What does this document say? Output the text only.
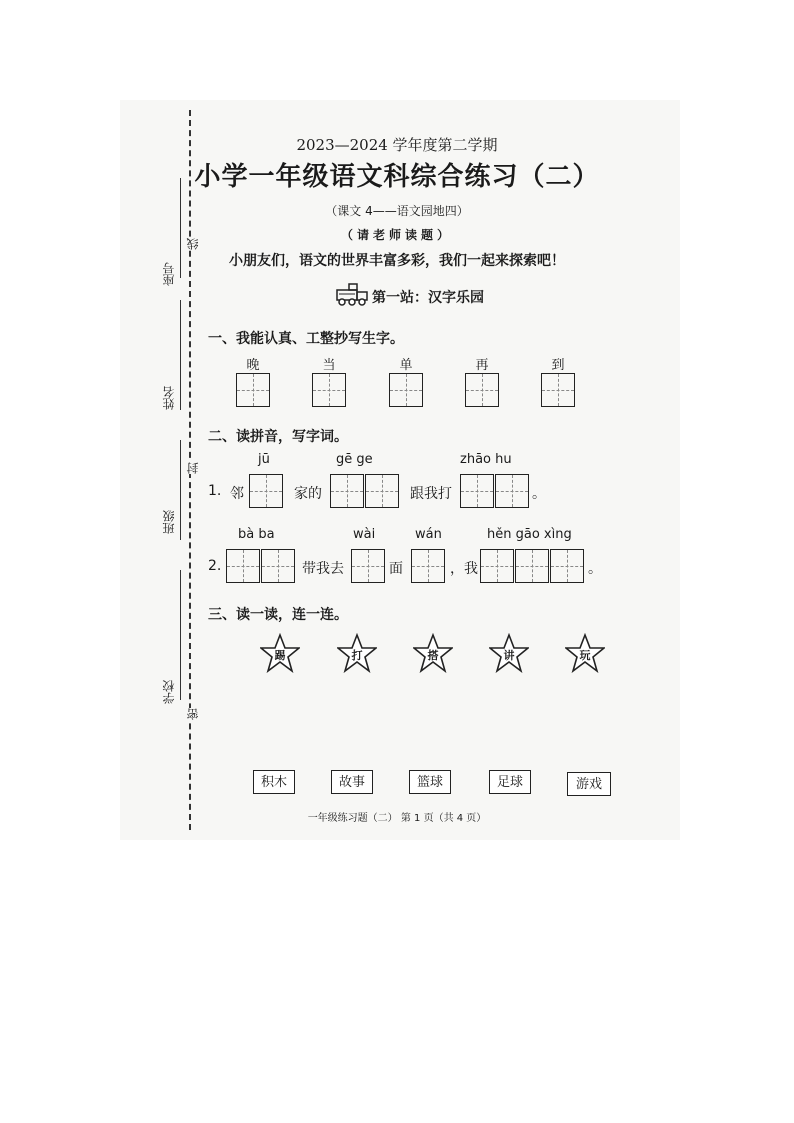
座号
姓名
班级
学校
线
封
密
2023—2024 学年度第二学期
小学一年级语文科综合练习（二）
（课文 4——语文园地四）
（请老师读题）
小朋友们，语文的世界丰富多彩，我们一起来探索吧！
第一站：汉字乐园
一、我能认真、工整抄写生字。
晚	当	单	再	到
二、读拼音，写字词。
jū	gē ge	zhāo hu
1. 邻	家的	跟我打	。
bà ba	wài	wán	hěn gāo xìng
2.	带我去	面	，我	。
三、读一读，连一连。
踢	打	搭	讲	玩
积木	故事	篮球	足球	游戏
一年级练习题（二） 第 1 页（共 4 页）
